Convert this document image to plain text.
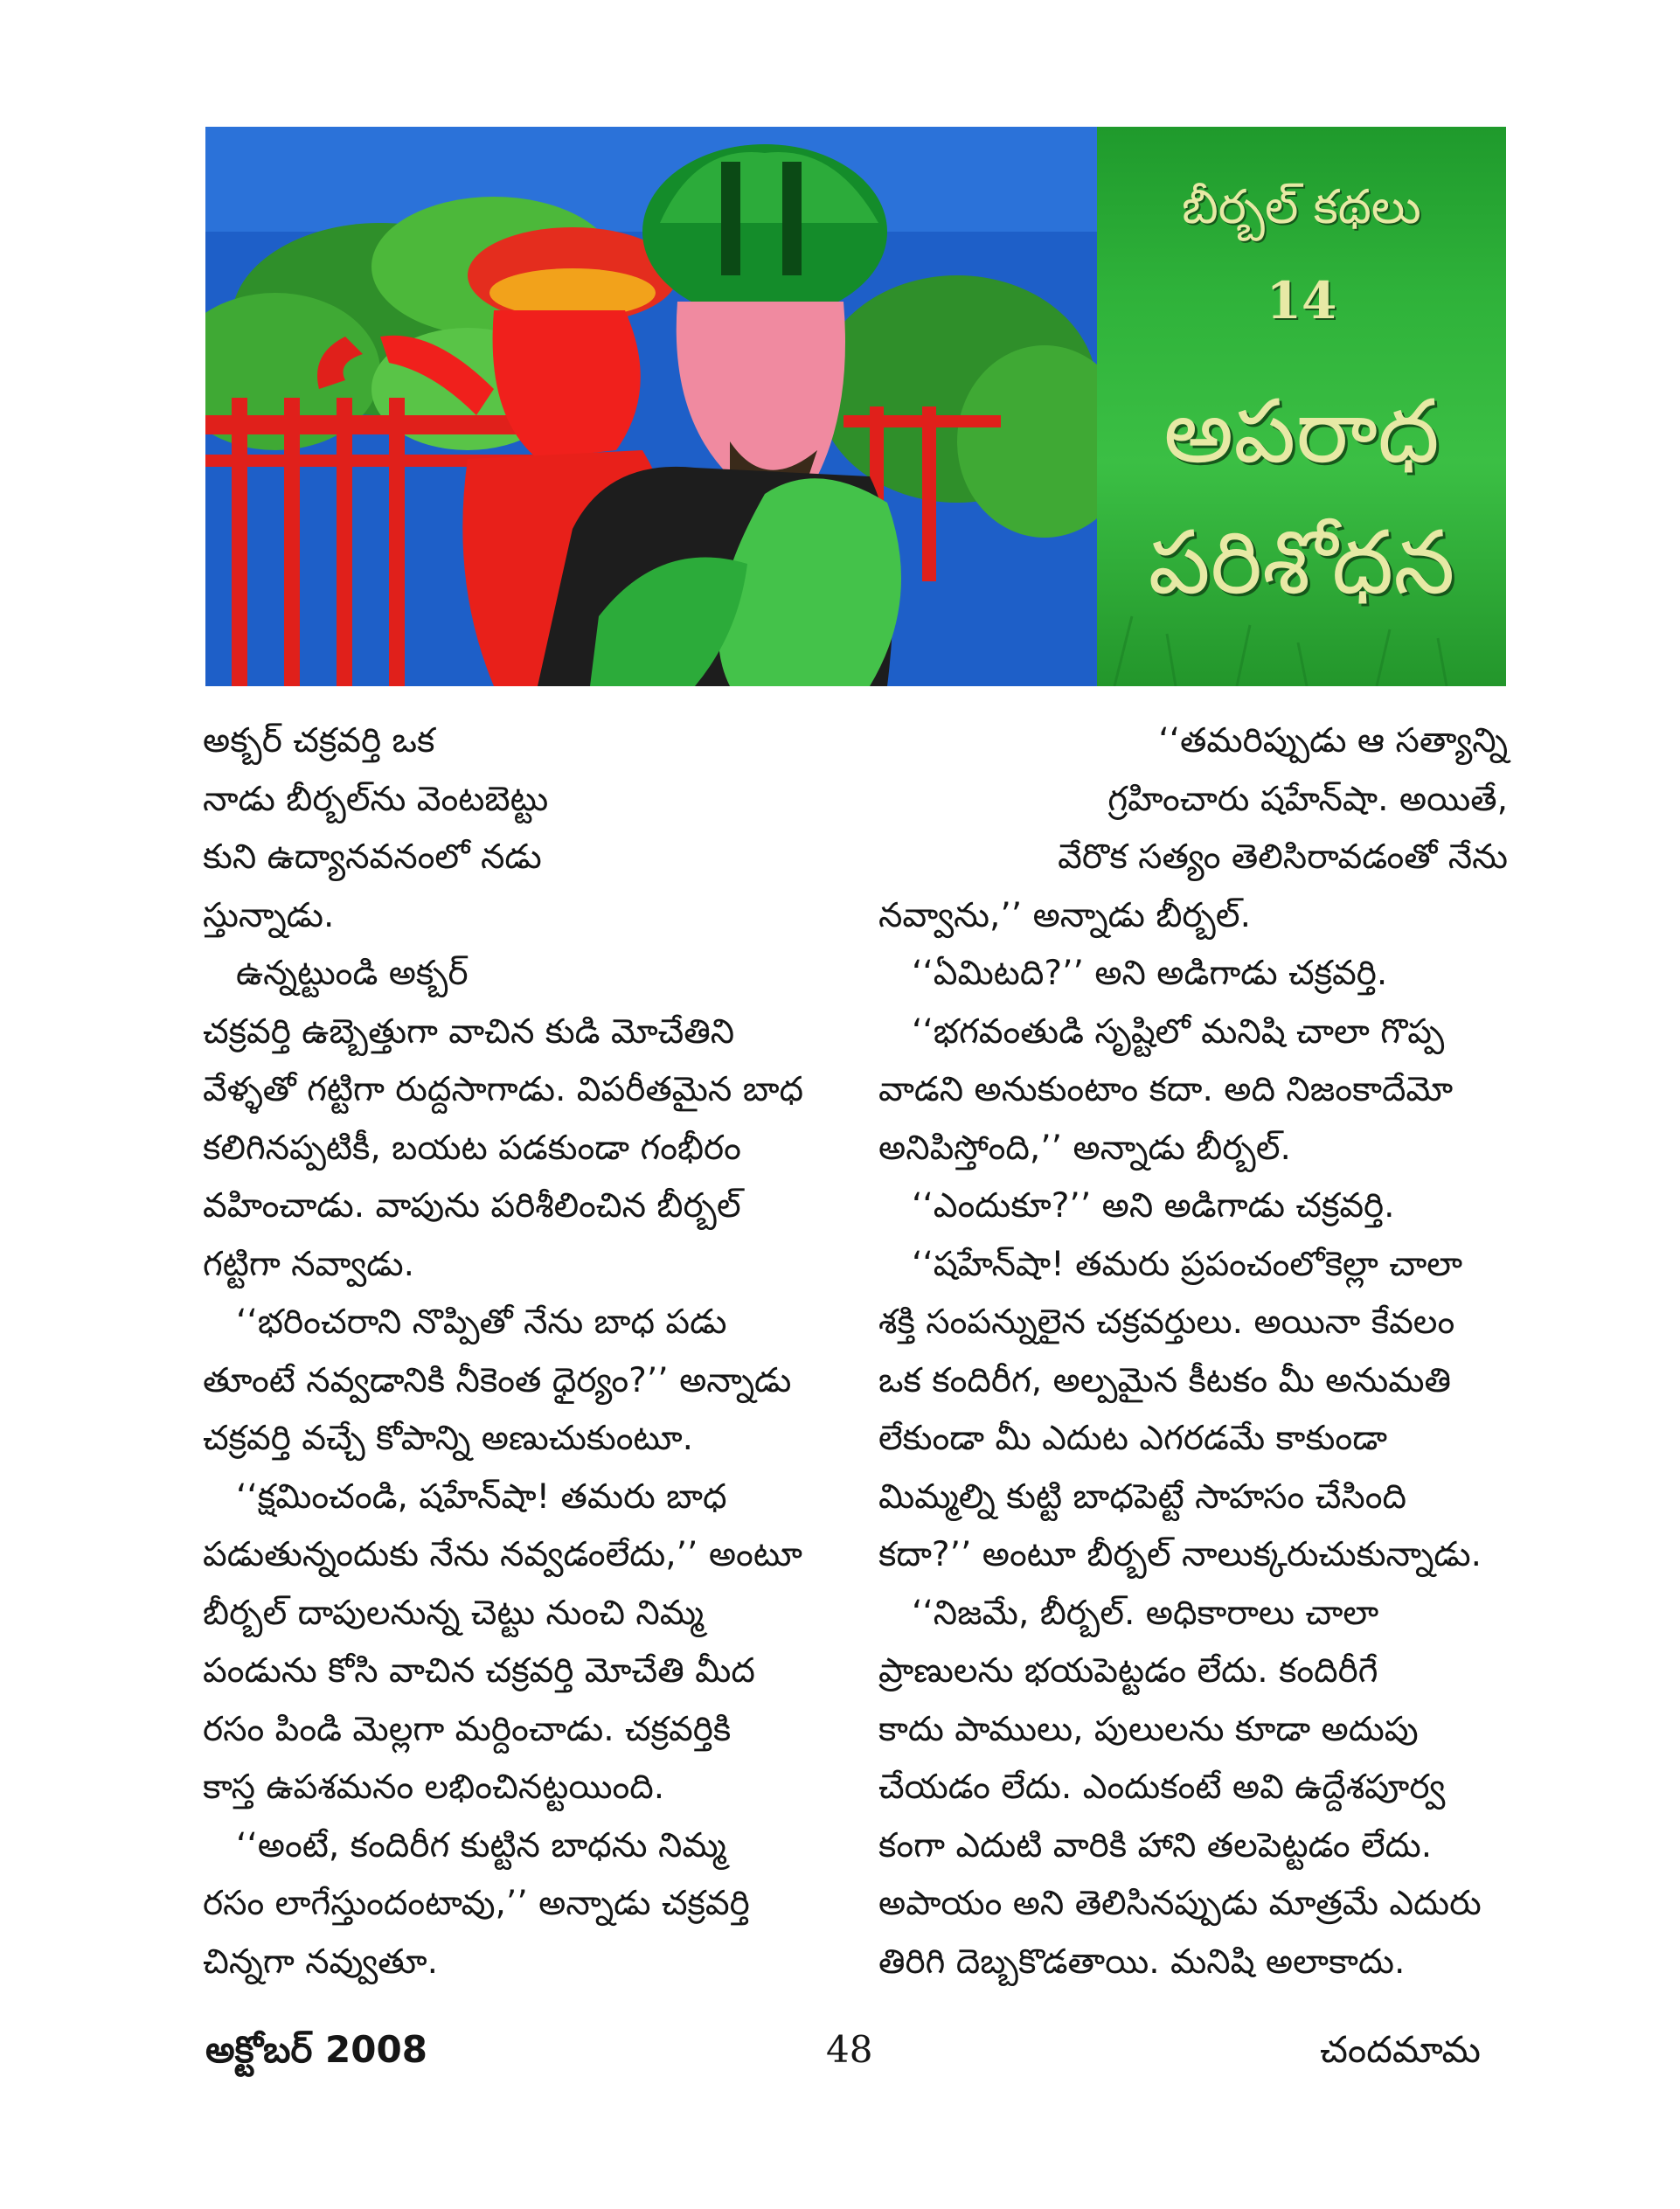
బీర్బల్ కథలు
14
అపరాధ
పరిశోధన
అక్బర్ చక్రవర్తి ఒక
నాడు బీర్బల్‌ను వెంటబెట్టు
కుని ఉద్యానవనంలో నడు
స్తున్నాడు.
ఉన్నట్టుండి అక్బర్
చక్రవర్తి ఉబ్బెత్తుగా వాచిన కుడి మోచేతిని
వేళ్ళతో గట్టిగా రుద్దసాగాడు. విపరీతమైన బాధ
కలిగినప్పటికీ, బయట పడకుండా గంభీరం
వహించాడు. వాపును పరిశీలించిన బీర్బల్
గట్టిగా నవ్వాడు.
‘‘భరించరాని నొప్పితో నేను బాధ పడు
తూంటే నవ్వడానికి నీకెంత ధైర్యం?’’ అన్నాడు
చక్రవర్తి వచ్చే కోపాన్ని అణుచుకుంటూ.
‘‘క్షమించండి, షహేన్‌షా! తమరు బాధ
పడుతున్నందుకు నేను నవ్వడంలేదు,’’ అంటూ
బీర్బల్ దాపులనున్న చెట్టు నుంచి నిమ్మ
పండును కోసి వాచిన చక్రవర్తి మోచేతి మీద
రసం పిండి మెల్లగా మర్దించాడు. చక్రవర్తికి
కాస్త ఉపశమనం లభించినట్టయింది.
‘‘అంటే, కందిరీగ కుట్టిన బాధను నిమ్మ
రసం లాగేస్తుందంటావు,’’ అన్నాడు చక్రవర్తి
చిన్నగా నవ్వుతూ.
‘‘తమరిప్పుడు ఆ సత్యాన్ని
గ్రహించారు షహేన్‌షా. అయితే,
వేరొక సత్యం తెలిసిరావడంతో నేను
నవ్వాను,’’ అన్నాడు బీర్బల్.
‘‘ఏమిటది?’’ అని అడిగాడు చక్రవర్తి.
‘‘భగవంతుడి సృష్టిలో మనిషి చాలా గొప్ప
వాడని అనుకుంటాం కదా. అది నిజంకాదేమో
అనిపిస్తోంది,’’ అన్నాడు బీర్బల్.
‘‘ఎందుకూ?’’ అని అడిగాడు చక్రవర్తి.
‘‘షహేన్‌షా! తమరు ప్రపంచంలోకెల్లా చాలా
శక్తి సంపన్నులైన చక్రవర్తులు. అయినా కేవలం
ఒక కందిరీగ, అల్పమైన కీటకం మీ అనుమతి
లేకుండా మీ ఎదుట ఎగరడమే కాకుండా
మిమ్మల్ని కుట్టి బాధపెట్టే సాహసం చేసింది
కదా?’’ అంటూ బీర్బల్ నాలుక్కరుచుకున్నాడు.
‘‘నిజమే, బీర్బల్. అధికారాలు చాలా
ప్రాణులను భయపెట్టడం లేదు. కందిరీగే
కాదు పాములు, పులులను కూడా అదుపు
చేయడం లేదు. ఎందుకంటే అవి ఉద్దేశపూర్వ
కంగా ఎదుటి వారికి హాని తలపెట్టడం లేదు.
అపాయం అని తెలిసినప్పుడు మాత్రమే ఎదురు
తిరిగి దెబ్బకొడతాయి. మనిషి అలాకాదు.
అక్టోబర్ 2008	48	చందమామ
